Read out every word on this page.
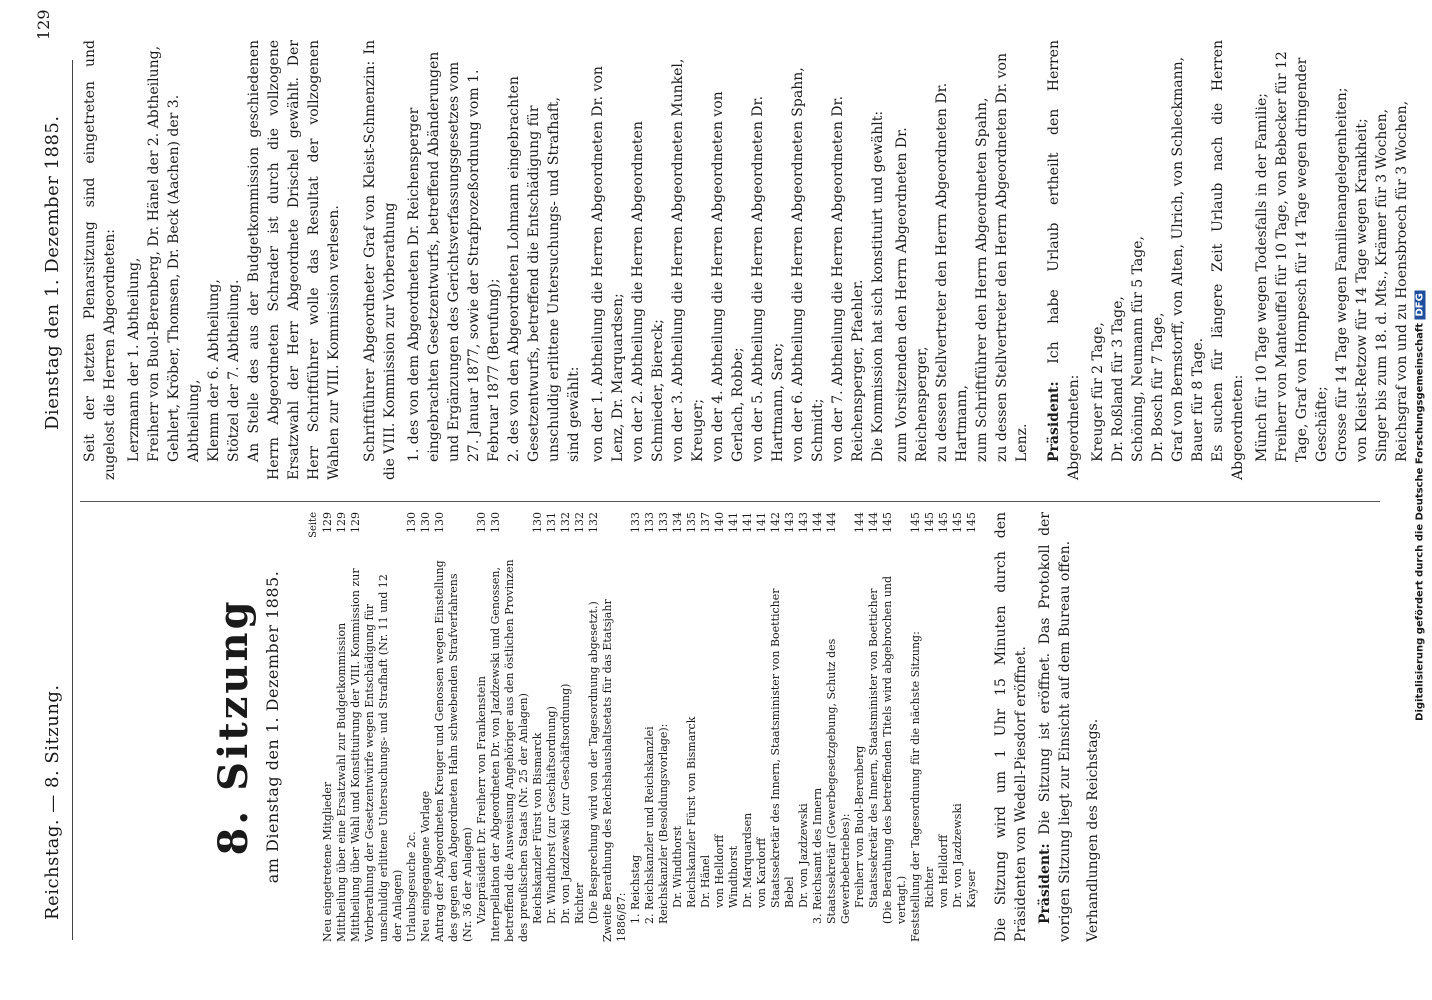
Reichstag. — 8. Sitzung.
Dienstag den 1. Dezember 1885.
129
8. Sitzung am Dienstag den 1. Dezember 1885.
Seite
Neu eingetretene Mitglieder
129
Mittheilung über eine Ersatzwahl zur Budgetkommission
129
Mittheilung über Wahl und Konstituirung der VIII. Kommission zur Vorberathung der Gesetzentwürfe wegen Entschädigung für unschuldig erlittene Untersuchungs- und Strafhaft (Nr. 11 und 12 der Anlagen)
129
Urlaubsgesuche 2c.
130
Neu eingegangene Vorlage
130
Antrag der Abgeordneten Kreuger und Genossen wegen Einstellung des gegen den Abgeordneten Hahn schwebenden Strafverfahrens (Nr. 36 der Anlagen)
130
Vizepräsident Dr. Freiherr von Frankenstein
130
Interpellation der Abgeordneten Dr. von Jazdzewski und Genossen, betreffend die Ausweisung Angehöriger aus den östlichen Provinzen des preußischen Staats (Nr. 25 der Anlagen)
130
Reichskanzler Fürst von Bismarck
130
Dr. Windthorst (zur Geschäftsordnung)
131
Dr. von Jazdzewski (zur Geschäftsordnung)
132
Richter
132
(Die Besprechung wird von der Tagesordnung abgesetzt.)
132
Zweite Berathung des Reichshaushaltsetats für das Etatsjahr 1886/87: 1. Reichstag
133
2. Reichskanzler und Reichskanzlei
133
Reichskanzler (Besoldungsvorlage):
133
Dr. Windthorst
134
Reichskanzler Fürst von Bismarck
135
Dr. Hänel
137
von Helldorff
140
Windthorst
141
Dr. Marquardsen
141
von Kardorff
141
Staatssekretär des Innern, Staatsminister von Boetticher
142
Bebel
143
Dr. von Jazdzewski
143
3. Reichsamt des Innern
144
Staatssekretär (Gewerbegesetzgebung, Schutz des Gewerbebetriebes):
144
Freiherr von Buol-Berenberg
144
Staatssekretär des Innern, Staatsminister von Boetticher
144
(Die Berathung des betreffenden Titels wird abgebrochen und vertagt.)
145
Feststellung der Tagesordnung für die nächste Sitzung:
145
Richter
145
von Helldorff
145
Dr. von Jazdzewski
145
Kayser
145 Die Sitzung wird um 1 Uhr 15 Minuten durch den Präsidenten von Wedell-Piesdorf eröffnet. Präsident: Die Sitzung ist eröffnet. Das Protokoll der vorigen Sitzung liegt zur Einsicht auf dem Bureau offen. Verhandlungen des Reichstags.
Seit der letzten Plenarsitzung sind eingetreten und zugelost die Herren Abgeordneten: Lerzmann der 1. Abtheilung, Freiherr von Buol-Berenberg, Dr. Hänel der 2. Abtheilung, Gehlert, Kröber, Thomsen, Dr. Beck (Aachen) der 3. Abtheilung, Klemm der 6. Abtheilung, Stötzel der 7. Abtheilung. An Stelle des aus der Budgetkommission geschiedenen Herrn Abgeordneten Schrader ist durch die vollzogene Ersatzwahl der Herr Abgeordnete Drischel gewählt. Der Herr Schriftführer wolle das Resultat der vollzogenen Wahlen zur VIII. Kommission verlesen. Schriftführer Abgeordneter Graf von Kleist-Schmenzin: In die VIII. Kommission zur Vorberathung 1. des von dem Abgeordneten Dr. Reichensperger eingebrachten Gesetzentwurfs, betreffend Abänderungen und Ergänzungen des Gerichtsverfassungsgesetzes vom 27. Januar 1877, sowie der Strafprozeßordnung vom 1. Februar 1877 (Berufung); 2. des von den Abgeordneten Lohmann eingebrachten Gesetzentwurfs, betreffend die Entschädigung für unschuldig erlittene Untersuchungs- und Strafhaft, sind gewählt: von der 1. Abtheilung die Herren Abgeordneten Dr. von Lenz, Dr. Marquardsen; von der 2. Abtheilung die Herren Abgeordneten Schmieder, Biereck; von der 3. Abtheilung die Herren Abgeordneten Munkel, Kreuger; von der 4. Abtheilung die Herren Abgeordneten von Gerlach, Robbe; von der 5. Abtheilung die Herren Abgeordneten Dr. Hartmann, Saro; von der 6. Abtheilung die Herren Abgeordneten Spahn, Schmidt; von der 7. Abtheilung die Herren Abgeordneten Dr. Reichensperger, Pfaehler. Die Kommission hat sich konstituirt und gewählt: zum Vorsitzenden den Herrn Abgeordneten Dr. Reichensperger, zu dessen Stellvertreter den Herrn Abgeordneten Dr. Hartmann, zum Schriftführer den Herrn Abgeordneten Spahn, zu dessen Stellvertreter den Herrn Abgeordneten Dr. von Lenz. Präsident: Ich habe Urlaub ertheilt den Herren Abgeordneten: Kreuger für 2 Tage, Dr. Roßland für 3 Tage, Schöning, Neumann für 5 Tage, Dr. Bosch für 7 Tage, Graf von Bernstorff, von Alten, Ulrich, von Schleckmann, Bauer für 8 Tage. Es suchen für längere Zeit Urlaub nach die Herren Abgeordneten: Münch für 10 Tage wegen Todesfalls in der Familie; Freiherr von Manteuffel für 10 Tage, von Bebecker für 12 Tage, Graf von Hompesch für 14 Tage wegen dringender Geschäfte; Grosse für 14 Tage wegen Familienangelegenheiten; von Kleist-Retzow für 14 Tage wegen Krankheit; Singer bis zum 18. d. Mts., Krämer für 3 Wochen, Reichsgraf von und zu Hoensbroech für 3 Wochen,
Digitalisierung gefördert durch die Deutsche Forschungsgemeinschaft DFG
